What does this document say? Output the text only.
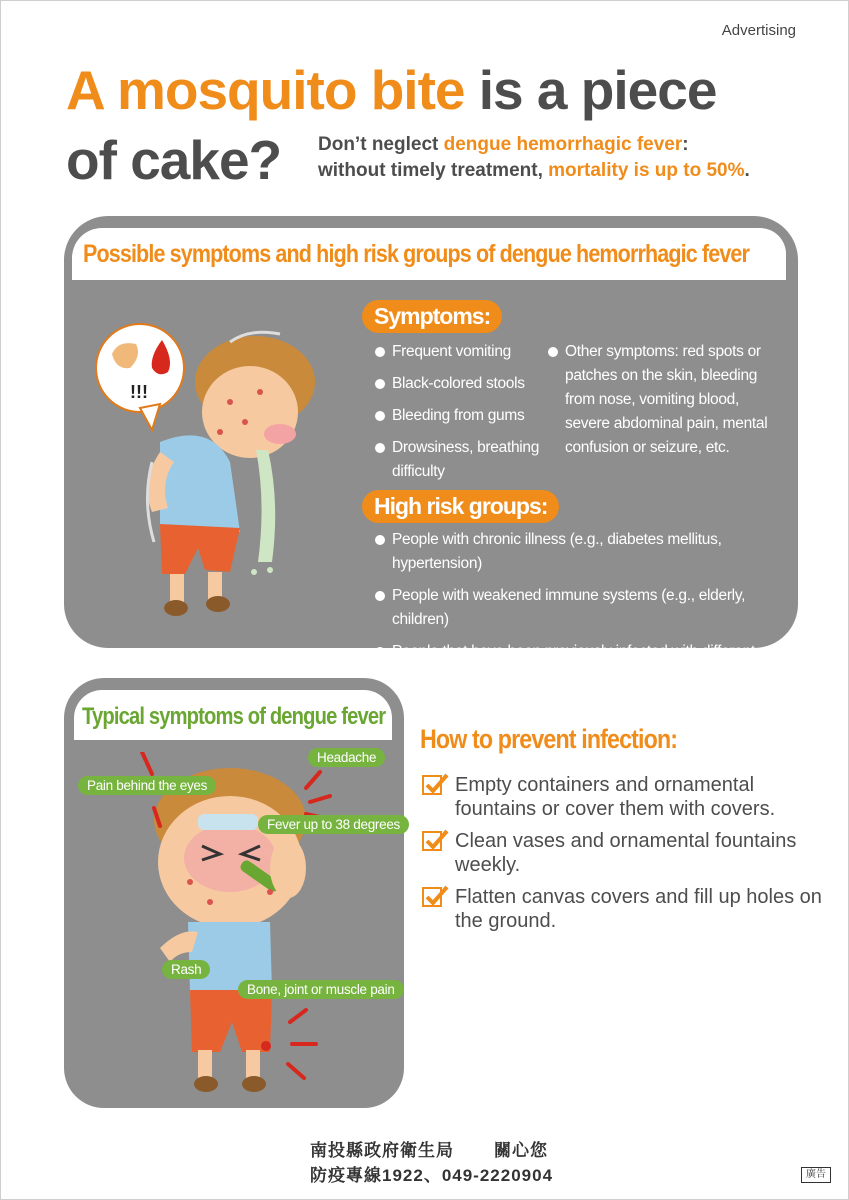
Advertising
A mosquito bite is a piece
of cake? Don’t neglect dengue hemorrhagic fever:
without timely treatment, mortality is up to 50%.
Possible symptoms and high risk groups of dengue hemorrhagic fever
!!!
Symptoms:
Frequent vomiting
Black-colored stools
Bleeding from gums
Drowsiness, breathing difficulty
Other symptoms: red spots or patches on the skin, bleeding from nose, vomiting blood, severe abdominal pain, mental confusion or seizure, etc.
High risk groups:
People with chronic illness (e.g., diabetes mellitus, hypertension)
People with weakened immune systems (e.g., elderly, children)
People that have been previously infected with different types of dengue viruses
Typical symptoms of dengue fever
Headache
Pain behind the eyes
Fever up to 38 degrees
Rash
Bone, joint or muscle pain
How to prevent infection:
Empty containers and ornamental fountains or cover them with covers.
Clean vases and ornamental fountains weekly.
Flatten canvas covers and fill up holes on the ground.
南投縣政府衛生局 關心您
防疫專線1922、049-2220904	廣告
